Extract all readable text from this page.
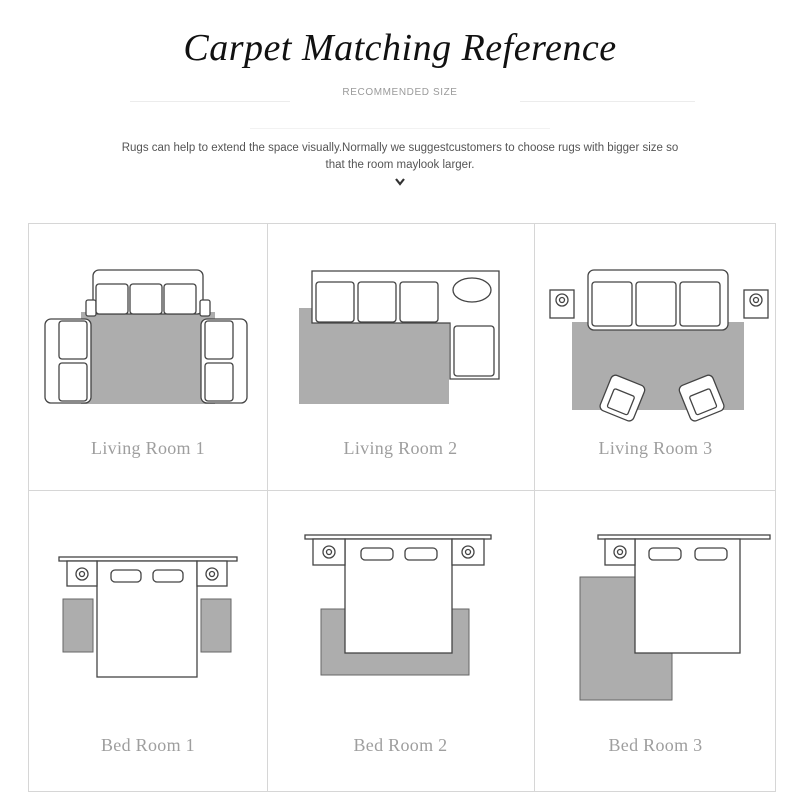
Carpet Matching Reference
RECOMMENDED SIZE
Rugs can help to extend the space visually.Normally we suggestcustomers to choose rugs with bigger size so that the room maylook larger.
Living Room 1	Living Room 2	Living Room 3
Bed Room 1	Bed Room 2	Bed Room 3
